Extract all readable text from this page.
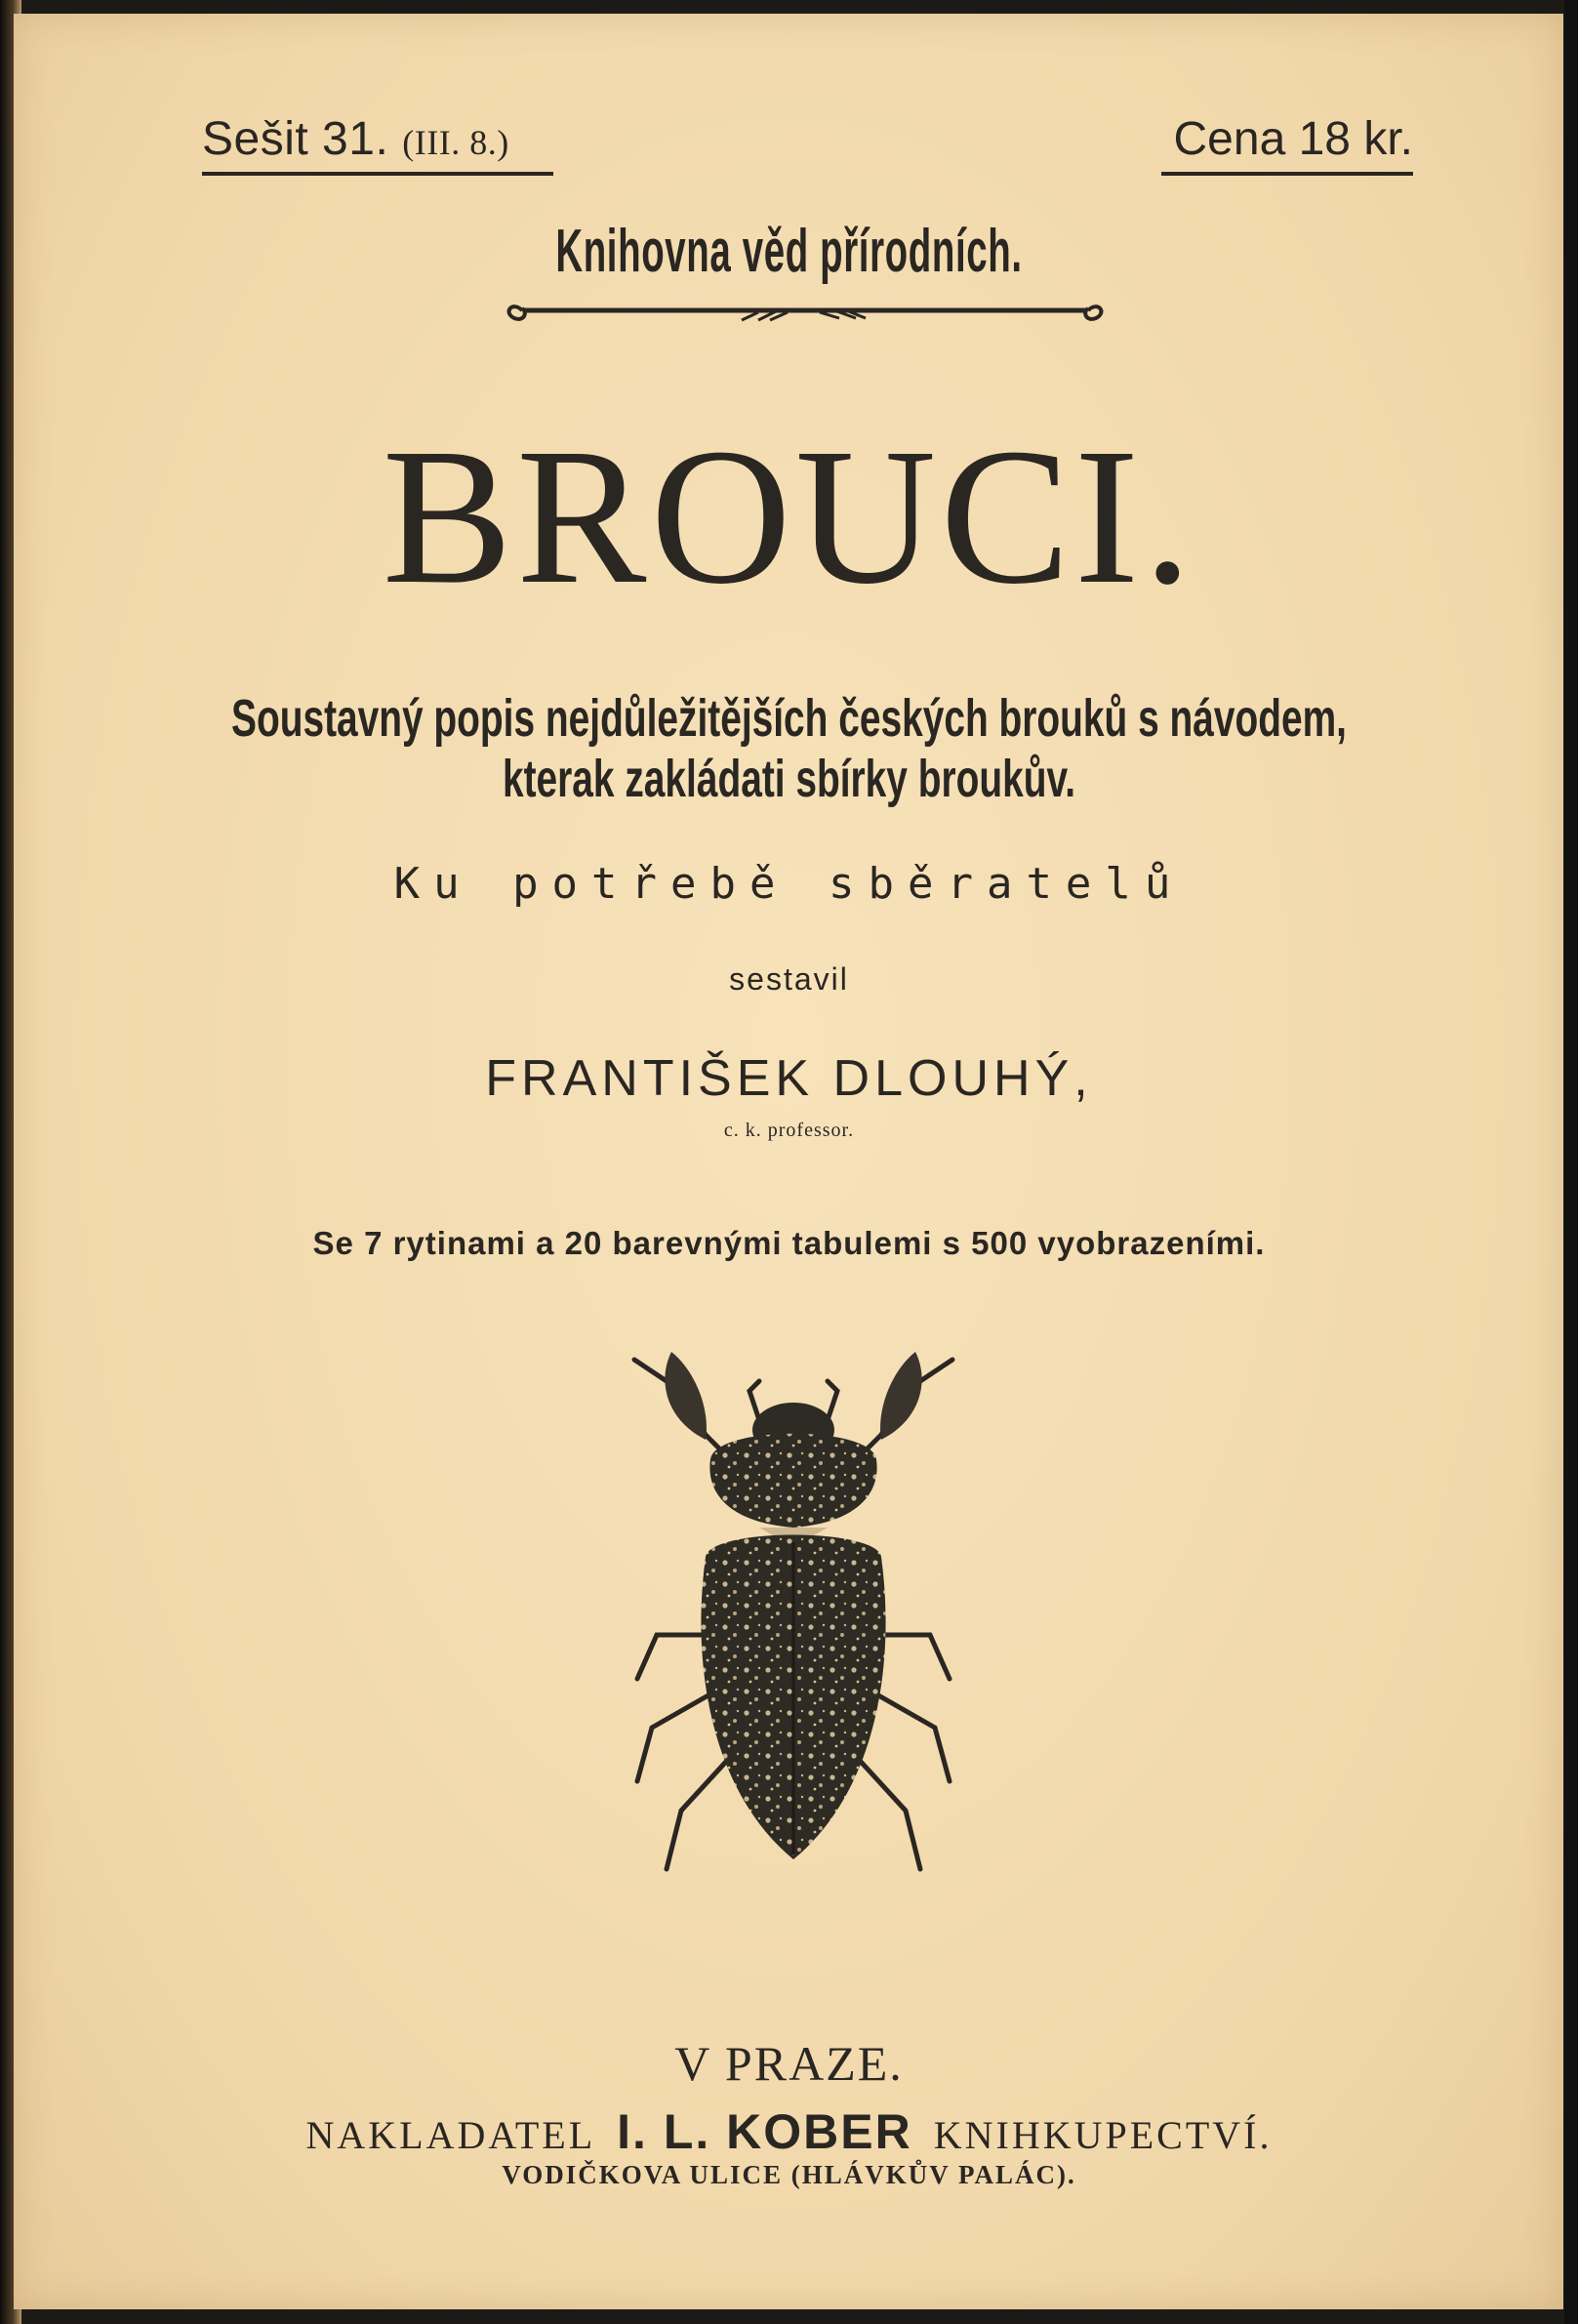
Sešit 31. (III. 8.)	Cena 18 kr.
Knihovna věd přírodních.
BROUCI.
Soustavný popis nejdůležitějších českých brouků s návodem,
kterak zakládati sbírky broukův.
Ku potřebě sběratelů
sestavil
FRANTIŠEK DLOUHÝ,
c. k. professor.
Se 7 rytinami a 20 barevnými tabulemi s 500 vyobrazeními.
V PRAZE.
NAKLADATEL I. L. KOBER KNIHKUPECTVÍ.
VODIČKOVA ULICE (HLÁVKŮV PALÁC).
